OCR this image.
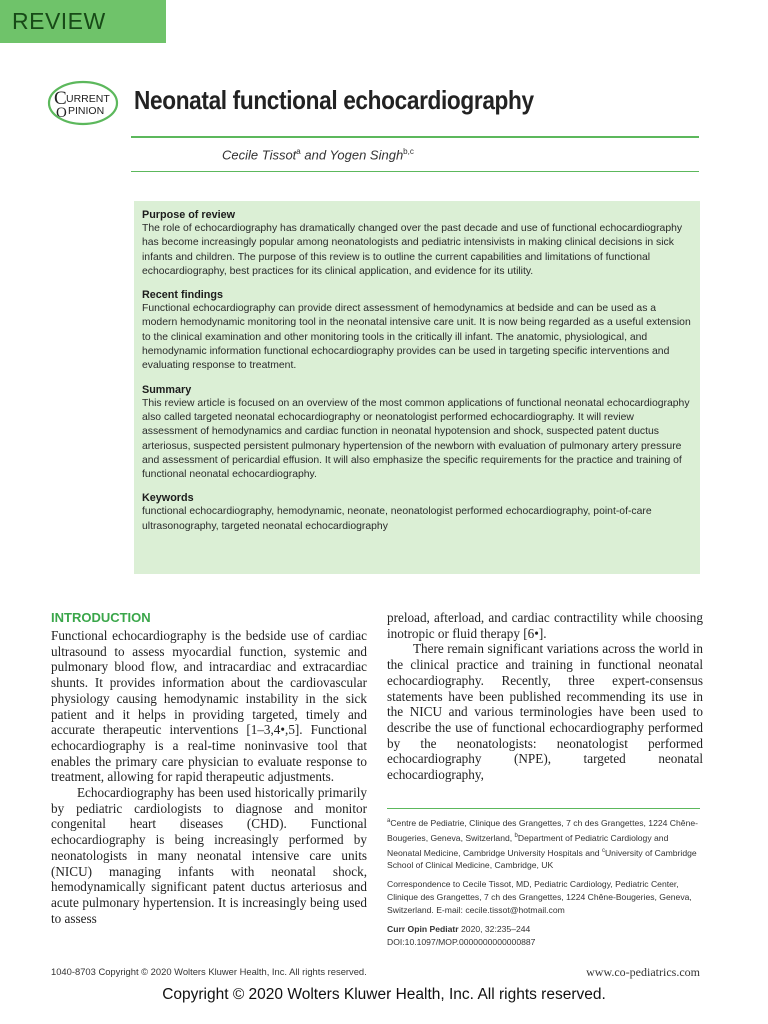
REVIEW
C URRENT
O PINION Neonatal functional echocardiography
Cecile Tissot$^a$ and Yogen Singh$^{b,c}$
Purpose of review

The role of echocardiography has dramatically changed over the past decade and use of functional echocardiography has become increasingly popular among neonatologists and pediatric intensivists in making clinical decisions in sick infants and children. The purpose of this review is to outline the current capabilities and limitations of functional echocardiography, best practices for its clinical application, and evidence for its utility.

Recent findings

Functional echocardiography can provide direct assessment of hemodynamics at bedside and can be used as a modern hemodynamic monitoring tool in the neonatal intensive care unit. It is now being regarded as a useful extension to the clinical examination and other monitoring tools in the critically ill infant. The anatomic, physiological, and hemodynamic information functional echocardiography provides can be used in targeting specific interventions and evaluating response to treatment.

Summary

This review article is focused on an overview of the most common applications of functional neonatal echocardiography also called targeted neonatal echocardiography or neonatologist performed echocardiography. It will review assessment of hemodynamics and cardiac function in neonatal hypotension and shock, suspected patent ductus arteriosus, suspected persistent pulmonary hypertension of the newborn with evaluation of pulmonary artery pressure and assessment of pericardial effusion. It will also emphasize the specific requirements for the practice and training of functional neonatal echocardiography.

Keywords

functional echocardiography, hemodynamic, neonate, neonatologist performed echocardiography, point-of-care ultrasonography, targeted neonatal echocardiography

INTRODUCTION

Functional echocardiography is the bedside use of cardiac ultrasound to assess myocardial function, systemic and pulmonary blood flow, and intracardiac and extracardiac shunts. It provides information about the cardiovascular physiology causing hemodynamic instability in the sick patient and it helps in providing targeted, timely and accurate therapeutic interventions [1–3,4•,5]. Functional echocardiography is a real-time noninvasive tool that enables the primary care physician to evaluate response to treatment, allowing for rapid therapeutic adjustments.

Echocardiography has been used historically primarily by pediatric cardiologists to diagnose and monitor congenital heart diseases (CHD). Functional echocardiography is being increasingly performed by neonatologists in many neonatal intensive care units (NICU) managing infants with neonatal shock, hemodynamically significant patent ductus arteriosus and acute pulmonary hypertension. It is increasingly being used to assess

preload, afterload, and cardiac contractility while choosing inotropic or fluid therapy [6•].

There remain significant variations across the world in the clinical practice and training in functional neonatal echocardiography. Recently, three expert-consensus statements have been published recommending its use in the NICU and various terminologies have been used to describe the use of functional echocardiography performed by the neonatologists: neonatologist performed echocardiography (NPE), targeted neonatal echocardiography,

$^a$Centre de Pediatrie, Clinique des Grangettes, 7 ch des Grangettes, 1224 Chêne-Bougeries, Geneva, Switzerland, $^b$Department of Pediatric Cardiology and Neonatal Medicine, Cambridge University Hospitals and $^c$University of Cambridge School of Clinical Medicine, Cambridge, UK

Correspondence to Cecile Tissot, MD, Pediatric Cardiology, Pediatric Center, Clinique des Grangettes, 7 ch des Grangettes, 1224 Chêne-Bougeries, Geneva, Switzerland. E-mail: cecile.tissot@hotmail.com

Curr Opin Pediatr 2020, 32:235–244

DOI:10.1097/MOP.0000000000000887

1040-8703 Copyright © 2020 Wolters Kluwer Health, Inc. All rights reserved.	www.co-pediatrics.com
Copyright © 2020 Wolters Kluwer Health, Inc. All rights reserved.
